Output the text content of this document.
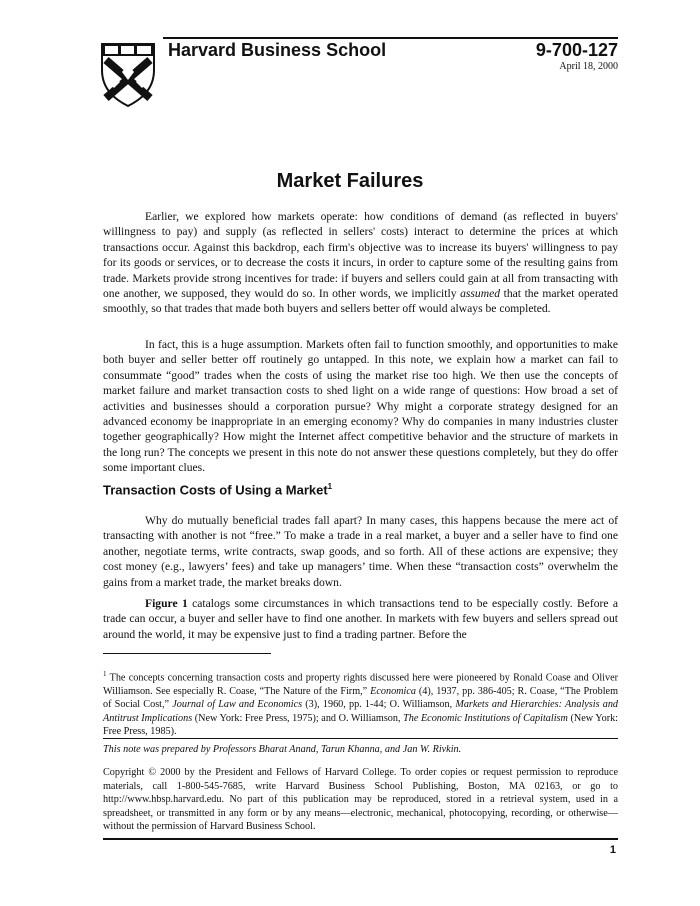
Harvard Business School	9-700-127
April 18, 2000
Market Failures

Earlier, we explored how markets operate: how conditions of demand (as reflected in buyers' willingness to pay) and supply (as reflected in sellers' costs) interact to determine the prices at which transactions occur. Against this backdrop, each firm's objective was to increase its buyers' willingness to pay for its goods or services, or to decrease the costs it incurs, in order to capture some of the resulting gains from trade. Markets provide strong incentives for trade: if buyers and sellers could gain at all from transacting with one another, we supposed, they would do so. In other words, we implicitly assumed that the market operated smoothly, so that trades that made both buyers and sellers better off would always be completed.

In fact, this is a huge assumption. Markets often fail to function smoothly, and opportunities to make both buyer and seller better off routinely go untapped. In this note, we explain how a market can fail to consummate “good” trades when the costs of using the market rise too high. We then use the concepts of market failure and market transaction costs to shed light on a wide range of questions: How broad a set of activities and businesses should a corporation pursue? Why might a corporate strategy designed for an advanced economy be inappropriate in an emerging economy? Why do companies in many industries cluster together geographically? How might the Internet affect competitive behavior and the structure of markets in the long run? The concepts we present in this note do not answer these questions completely, but they do offer some important clues.

Transaction Costs of Using a Market$^1$

Why do mutually beneficial trades fall apart? In many cases, this happens because the mere act of transacting with another is not “free.” To make a trade in a real market, a buyer and a seller have to find one another, negotiate terms, write contracts, swap goods, and so forth. All of these actions are expensive; they cost money (e.g., lawyers’ fees) and take up managers’ time. When these “transaction costs” overwhelm the gains from a market trade, the market breaks down.

Figure 1 catalogs some circumstances in which transactions tend to be especially costly. Before a trade can occur, a buyer and seller have to find one another. In markets with few buyers and sellers spread out around the world, it may be expensive just to find a trading partner. Before the

$^1$ The concepts concerning transaction costs and property rights discussed here were pioneered by Ronald Coase and Oliver Williamson. See especially R. Coase, “The Nature of the Firm,” Economica (4), 1937, pp. 386-405; R. Coase, “The Problem of Social Cost,” Journal of Law and Economics (3), 1960, pp. 1-44; O. Williamson, Markets and Hierarchies: Analysis and Antitrust Implications (New York: Free Press, 1975); and O. Williamson, The Economic Institutions of Capitalism (New York: Free Press, 1985).
This note was prepared by Professors Bharat Anand, Tarun Khanna, and Jan W. Rivkin.
Copyright © 2000 by the President and Fellows of Harvard College. To order copies or request permission to reproduce materials, call 1-800-545-7685, write Harvard Business School Publishing, Boston, MA 02163, or go to http://www.hbsp.harvard.edu. No part of this publication may be reproduced, stored in a retrieval system, used in a spreadsheet, or transmitted in any form or by any means—electronic, mechanical, photocopying, recording, or otherwise—without the permission of Harvard Business School.
1
